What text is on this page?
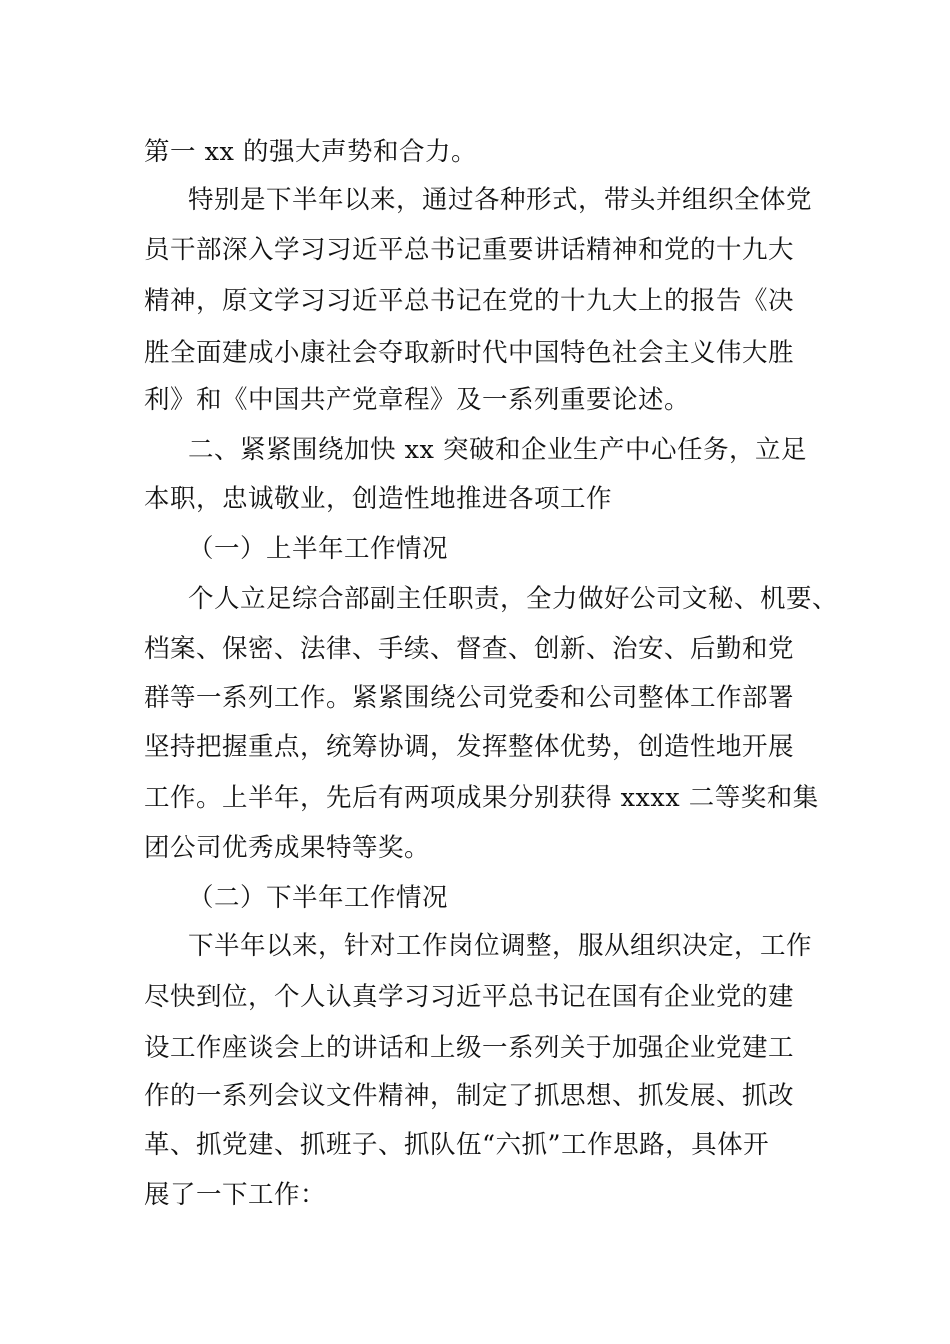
第一 xx 的强大声势和合力。
特别是下半年以来，通过各种形式，带头并组织全体党
员干部深入学习习近平总书记重要讲话精神和党的十九大
精神，原文学习习近平总书记在党的十九大上的报告《决
胜全面建成小康社会夺取新时代中国特色社会主义伟大胜
利》和《中国共产党章程》及一系列重要论述。
二、紧紧围绕加快 xx 突破和企业生产中心任务，立足
本职，忠诚敬业，创造性地推进各项工作
（一）上半年工作情况
个人立足综合部副主任职责，全力做好公司文秘、机要、
档案、保密、法律、手续、督查、创新、治安、后勤和党
群等一系列工作。紧紧围绕公司党委和公司整体工作部署
坚持把握重点，统筹协调，发挥整体优势，创造性地开展
工作。上半年，先后有两项成果分别获得 xxxx 二等奖和集
团公司优秀成果特等奖。
（二）下半年工作情况
下半年以来，针对工作岗位调整，服从组织决定，工作
尽快到位，个人认真学习习近平总书记在国有企业党的建
设工作座谈会上的讲话和上级一系列关于加强企业党建工
作的一系列会议文件精神，制定了抓思想、抓发展、抓改
革、抓党建、抓班子、抓队伍“六抓”工作思路，具体开
展了一下工作：
